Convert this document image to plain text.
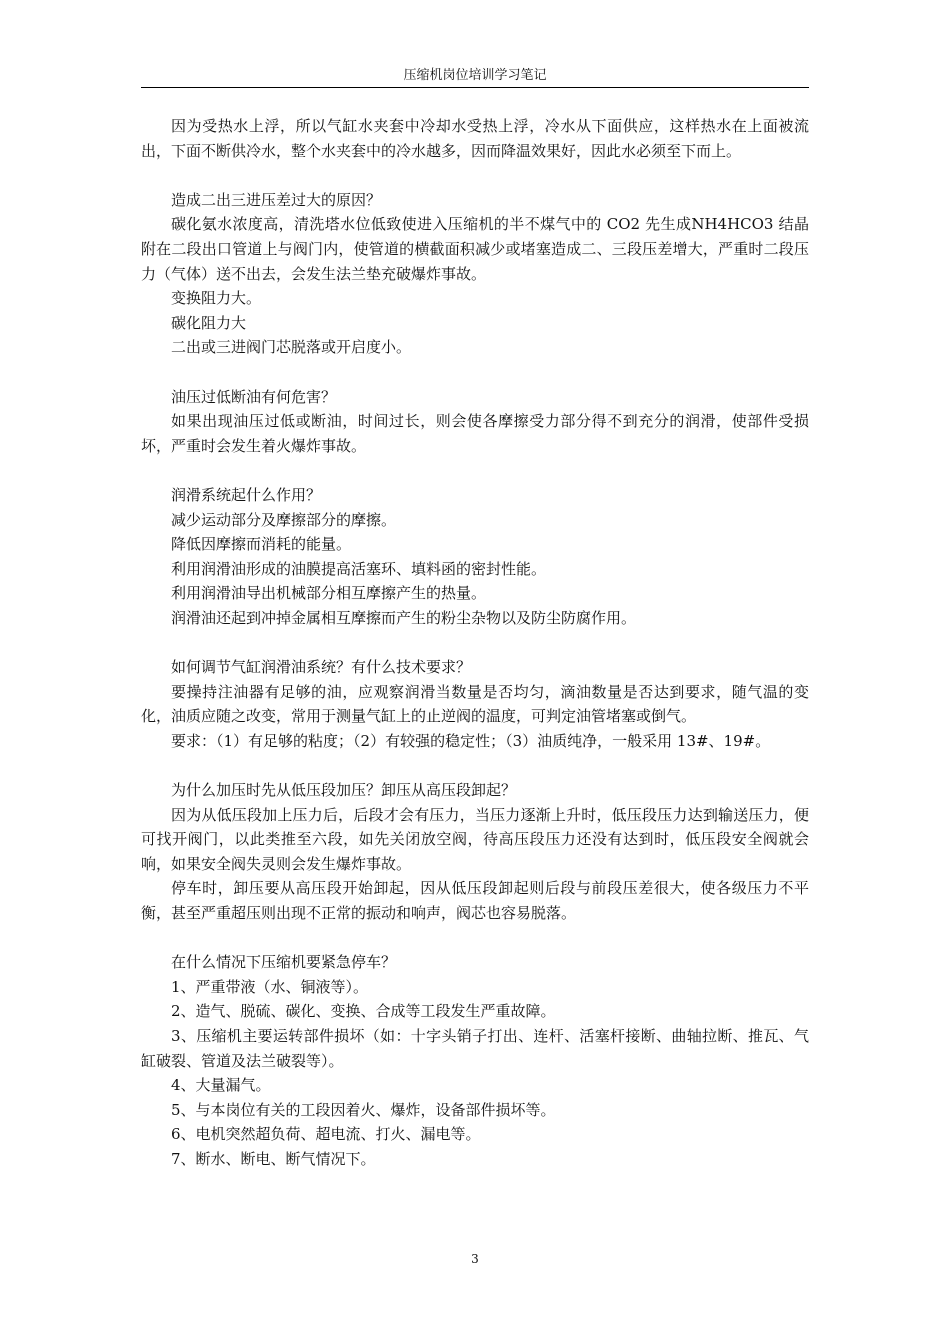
压缩机岗位培训学习笔记

因为受热水上浮，所以气缸水夹套中冷却水受热上浮，冷水从下面供应，这样热水在上面被流出，下面不断供冷水，整个水夹套中的冷水越多，因而降温效果好，因此水必须至下而上。

造成二出三进压差过大的原因？

碳化氨水浓度高，清洗塔水位低致使进入压缩机的半不煤气中的 CO2 先生成NH4HCO3 结晶附在二段出口管道上与阀门内，使管道的横截面积减少或堵塞造成二、三段压差增大，严重时二段压力（气体）送不出去，会发生法兰垫充破爆炸事故。

变换阻力大。

碳化阻力大

二出或三进阀门芯脱落或开启度小。

油压过低断油有何危害？

如果出现油压过低或断油，时间过长，则会使各摩擦受力部分得不到充分的润滑，使部件受损坏，严重时会发生着火爆炸事故。

润滑系统起什么作用？

减少运动部分及摩擦部分的摩擦。

降低因摩擦而消耗的能量。

利用润滑油形成的油膜提高活塞环、填料函的密封性能。

利用润滑油导出机械部分相互摩擦产生的热量。

润滑油还起到冲掉金属相互摩擦而产生的粉尘杂物以及防尘防腐作用。

如何调节气缸润滑油系统？有什么技术要求？

要操持注油器有足够的油，应观察润滑当数量是否均匀，滴油数量是否达到要求，随气温的变化，油质应随之改变，常用于测量气缸上的止逆阀的温度，可判定油管堵塞或倒气。

要求：（1）有足够的粘度；（2）有较强的稳定性；（3）油质纯净，一般采用 13#、19#。

为什么加压时先从低压段加压？卸压从高压段卸起？

因为从低压段加上压力后，后段才会有压力，当压力逐渐上升时，低压段压力达到输送压力，便可找开阀门，以此类推至六段，如先关闭放空阀，待高压段压力还没有达到时，低压段安全阀就会响，如果安全阀失灵则会发生爆炸事故。

停车时，卸压要从高压段开始卸起，因从低压段卸起则后段与前段压差很大，使各级压力不平衡，甚至严重超压则出现不正常的振动和响声，阀芯也容易脱落。

在什么情况下压缩机要紧急停车？

1、严重带液（水、铜液等）。

2、造气、脱硫、碳化、变换、合成等工段发生严重故障。

3、压缩机主要运转部件损坏（如：十字头销子打出、连杆、活塞杆接断、曲轴拉断、推瓦、气缸破裂、管道及法兰破裂等）。

4、大量漏气。

5、与本岗位有关的工段因着火、爆炸，设备部件损坏等。

6、电机突然超负荷、超电流、打火、漏电等。

7、断水、断电、断气情况下。

3
